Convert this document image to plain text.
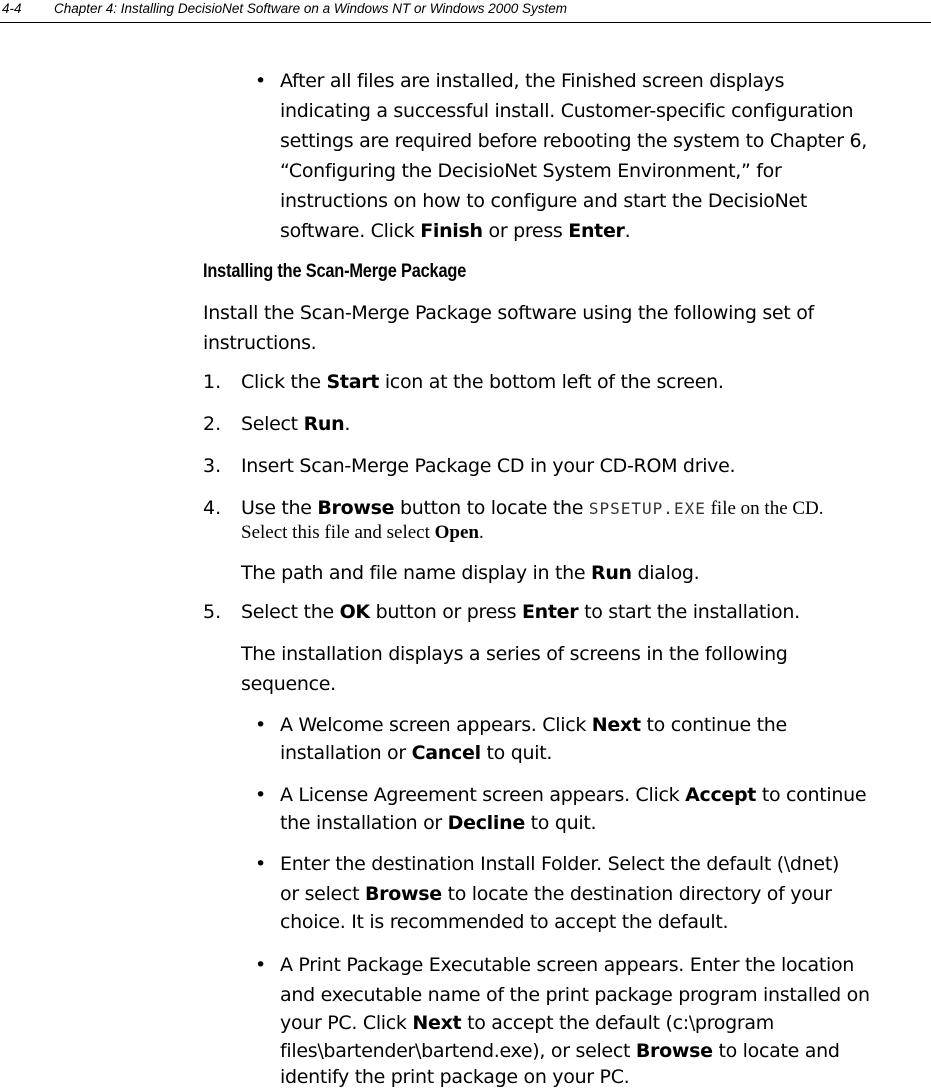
4-4 Chapter 4: Installing DecisioNet Software on a Windows NT or Windows 2000 System
• After all files are installed, the Finished screen displays
indicating a successful install. Customer-specific configuration
settings are required before rebooting the system to Chapter 6,
“Configuring the DecisioNet System Environment,” for
instructions on how to configure and start the DecisioNet
software. Click Finish or press Enter.
Installing the Scan-Merge Package
Install the Scan-Merge Package software using the following set of
instructions.
1. Click the Start icon at the bottom left of the screen.
2. Select Run.
3. Insert Scan-Merge Package CD in your CD-ROM drive.
4. Use the Browse button to locate the SPSETUP.EXE file on the CD.
Select this file and select Open.
The path and file name display in the Run dialog.
5. Select the OK button or press Enter to start the installation.
The installation displays a series of screens in the following
sequence.
• A Welcome screen appears. Click Next to continue the
installation or Cancel to quit.
• A License Agreement screen appears. Click Accept to continue
the installation or Decline to quit.
• Enter the destination Install Folder. Select the default (\dnet)
or select Browse to locate the destination directory of your
choice. It is recommended to accept the default.
• A Print Package Executable screen appears. Enter the location
and executable name of the print package program installed on
your PC. Click Next to accept the default (c:\program
files\bartender\bartend.exe), or select Browse to locate and
identify the print package on your PC.
